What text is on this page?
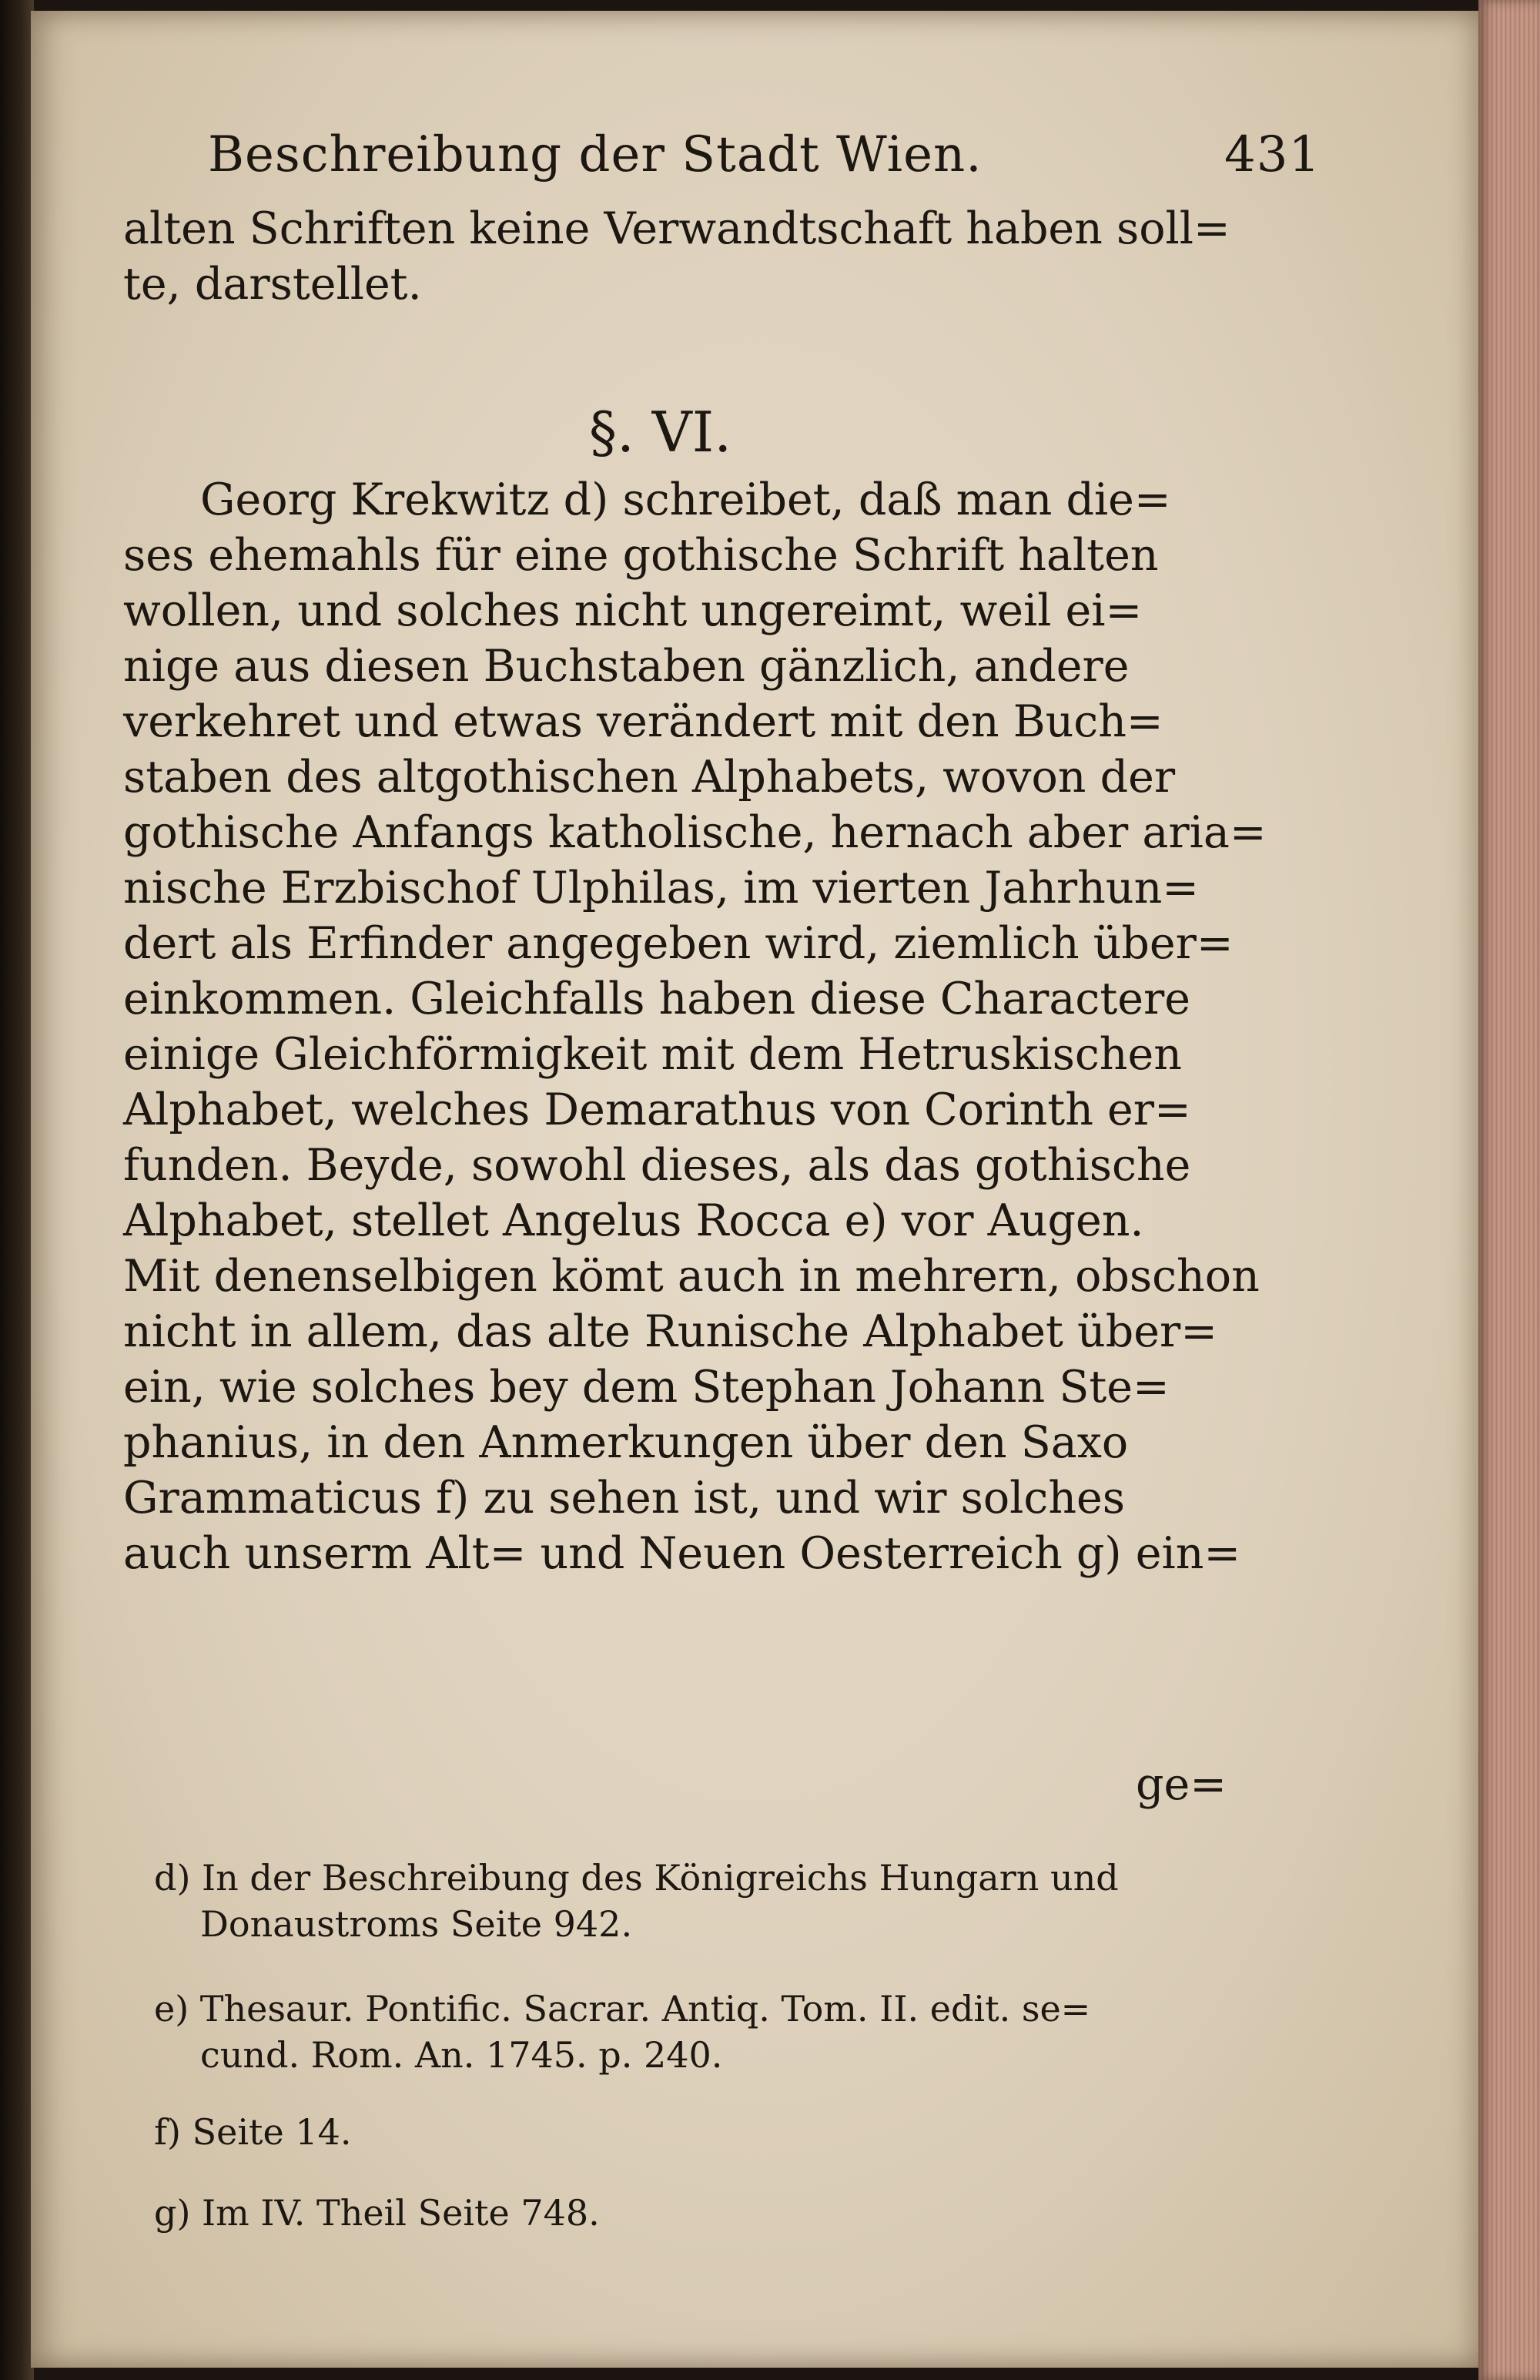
Beschreibung der Stadt Wien.	431
alten Schriften keine Verwandtschaft haben soll=
te, darstellet.
§. VI.
Georg Krekwitz d) schreibet, daß man die=
ses ehemahls für eine gothische Schrift halten
wollen, und solches nicht ungereimt, weil ei=
nige aus diesen Buchstaben gänzlich, andere
verkehret und etwas verändert mit den Buch=
staben des altgothischen Alphabets, wovon der
gothische Anfangs katholische, hernach aber aria=
nische Erzbischof Ulphilas, im vierten Jahrhun=
dert als Erfinder angegeben wird, ziemlich über=
einkommen. Gleichfalls haben diese Charactere
einige Gleichförmigkeit mit dem Hetruskischen
Alphabet, welches Demarathus von Corinth er=
funden. Beyde, sowohl dieses, als das gothische
Alphabet, stellet Angelus Rocca e) vor Augen.
Mit denenselbigen kömt auch in mehrern, obschon
nicht in allem, das alte Runische Alphabet über=
ein, wie solches bey dem Stephan Johann Ste=
phanius, in den Anmerkungen über den Saxo
Grammaticus f) zu sehen ist, und wir solches
auch unserm Alt= und Neuen Oesterreich g) ein=
ge=
d) In der Beschreibung des Königreichs Hungarn und
Donaustroms Seite 942.
e) Thesaur. Pontific. Sacrar. Antiq. Tom. II. edit. se=
cund. Rom. An. 1745. p. 240.
f) Seite 14.
g) Im IV. Theil Seite 748.
